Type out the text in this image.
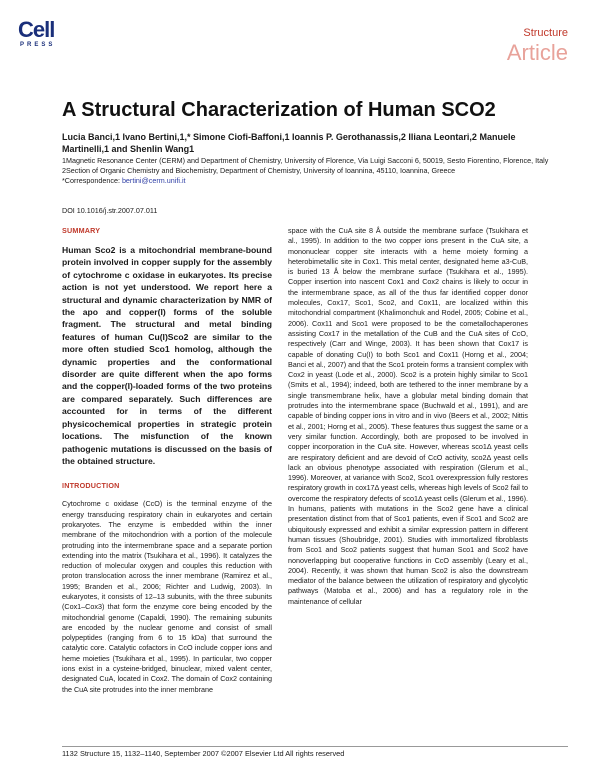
Cell
PRESS
Structure
Article
A Structural Characterization of Human SCO2
Lucia Banci,1 Ivano Bertini,1,* Simone Ciofi-Baffoni,1 Ioannis P. Gerothanassis,2 Iliana Leontari,2 Manuele Martinelli,1 and Shenlin Wang1
1Magnetic Resonance Center (CERM) and Department of Chemistry, University of Florence, Via Luigi Sacconi 6, 50019, Sesto Fiorentino, Florence, Italy
2Section of Organic Chemistry and Biochemistry, Department of Chemistry, University of Ioannina, 45110, Ioannina, Greece
*Correspondence: bertini@cerm.unifi.it
DOI 10.1016/j.str.2007.07.011
SUMMARY

Human Sco2 is a mitochondrial membrane-bound protein involved in copper supply for the assembly of cytochrome c oxidase in eukaryotes. Its precise action is not yet understood. We report here a structural and dynamic characterization by NMR of the apo and copper(I) forms of the soluble fragment. The structural and metal binding features of human Cu(I)Sco2 are similar to the more often studied Sco1 homolog, although the dynamic properties and the conformational disorder are quite different when the apo forms and the copper(I)-loaded forms of the two proteins are compared separately. Such differences are accounted for in terms of the different physicochemical properties in strategic protein locations. The misfunction of the known pathogenic mutations is discussed on the basis of the obtained structure.

INTRODUCTION

Cytochrome c oxidase (CcO) is the terminal enzyme of the energy transducing respiratory chain in eukaryotes and certain prokaryotes. The enzyme is embedded within the inner membrane of the mitochondrion with a portion of the molecule protruding into the intermembrane space and a separate portion extending into the matrix (Tsukihara et al., 1996). It catalyzes the reduction of molecular oxygen and couples this reduction with proton translocation across the inner membrane (Ramirez et al., 1995; Branden et al., 2006; Richter and Ludwig, 2003). In eukaryotes, it consists of 12–13 subunits, with the three subunits (Cox1–Cox3) that form the enzyme core being encoded by the mitochondrial genome (Capaldi, 1990). The remaining subunits are encoded by the nuclear genome and consist of small polypeptides (ranging from 6 to 15 kDa) that surround the catalytic core. Catalytic cofactors in CcO include copper ions and heme moieties (Tsukihara et al., 1995). In particular, two copper ions exist in a cysteine-bridged, binuclear, mixed valent center, designated CuA, located in Cox2. The domain of Cox2 containing the CuA site protrudes into the inner membrane

space with the CuA site 8 Å outside the membrane surface (Tsukihara et al., 1995). In addition to the two copper ions present in the CuA site, a mononuclear copper site interacts with a heme moiety forming a heterobimetallic site in Cox1. This metal center, designated heme a3-CuB, is buried 13 Å below the membrane surface (Tsukihara et al., 1995). Copper insertion into nascent Cox1 and Cox2 chains is likely to occur in the intermembrane space, as all of the thus far identified copper donor molecules, Cox17, Sco1, Sco2, and Cox11, are localized within this mitochondrial compartment (Khalimonchuk and Rodel, 2005; Cobine et al., 2006). Cox11 and Sco1 were proposed to be the cometallochaperones assisting Cox17 in the metallation of the CuB and the CuA sites of CcO, respectively (Carr and Winge, 2003). It has been shown that Cox17 is capable of donating Cu(I) to both Sco1 and Cox11 (Horng et al., 2004; Banci et al., 2007) and that the Sco1 protein forms a transient complex with Cox2 in yeast (Lode et al., 2000). Sco2 is a protein highly similar to Sco1 (Smits et al., 1994); indeed, both are tethered to the inner membrane by a single transmembrane helix, have a globular metal binding domain that protrudes into the intermembrane space (Buchwald et al., 1991), and are capable of binding copper ions in vitro and in vivo (Beers et al., 2002; Nittis et al., 2001; Horng et al., 2005). These features thus suggest the same or a very similar function. Accordingly, both are proposed to be involved in copper incorporation in the CuA site. However, whereas sco1Δ yeast cells are respiratory deficient and are devoid of CcO activity, sco2Δ yeast cells lack an obvious phenotype associated with respiration (Glerum et al., 1996). Moreover, at variance with Sco2, Sco1 overexpression fully restores respiratory growth in cox17Δ yeast cells, whereas high levels of Sco2 fail to overcome the respiratory defects of sco1Δ yeast cells (Glerum et al., 1996). In humans, patients with mutations in the Sco2 gene have a clinical presentation distinct from that of Sco1 patients, even if Sco1 and Sco2 are ubiquitously expressed and exhibit a similar expression pattern in different human tissues (Shoubridge, 2001). Studies with immortalized fibroblasts from Sco1 and Sco2 patients suggest that human Sco1 and Sco2 have nonoverlapping but cooperative functions in CcO assembly (Leary et al., 2004). Recently, it was shown that human Sco2 is also the downstream mediator of the balance between the utilization of respiratory and glycolytic pathways (Matoba et al., 2006) and has a regulatory role in the maintenance of cellular

1132 Structure 15, 1132–1140, September 2007 ©2007 Elsevier Ltd All rights reserved
